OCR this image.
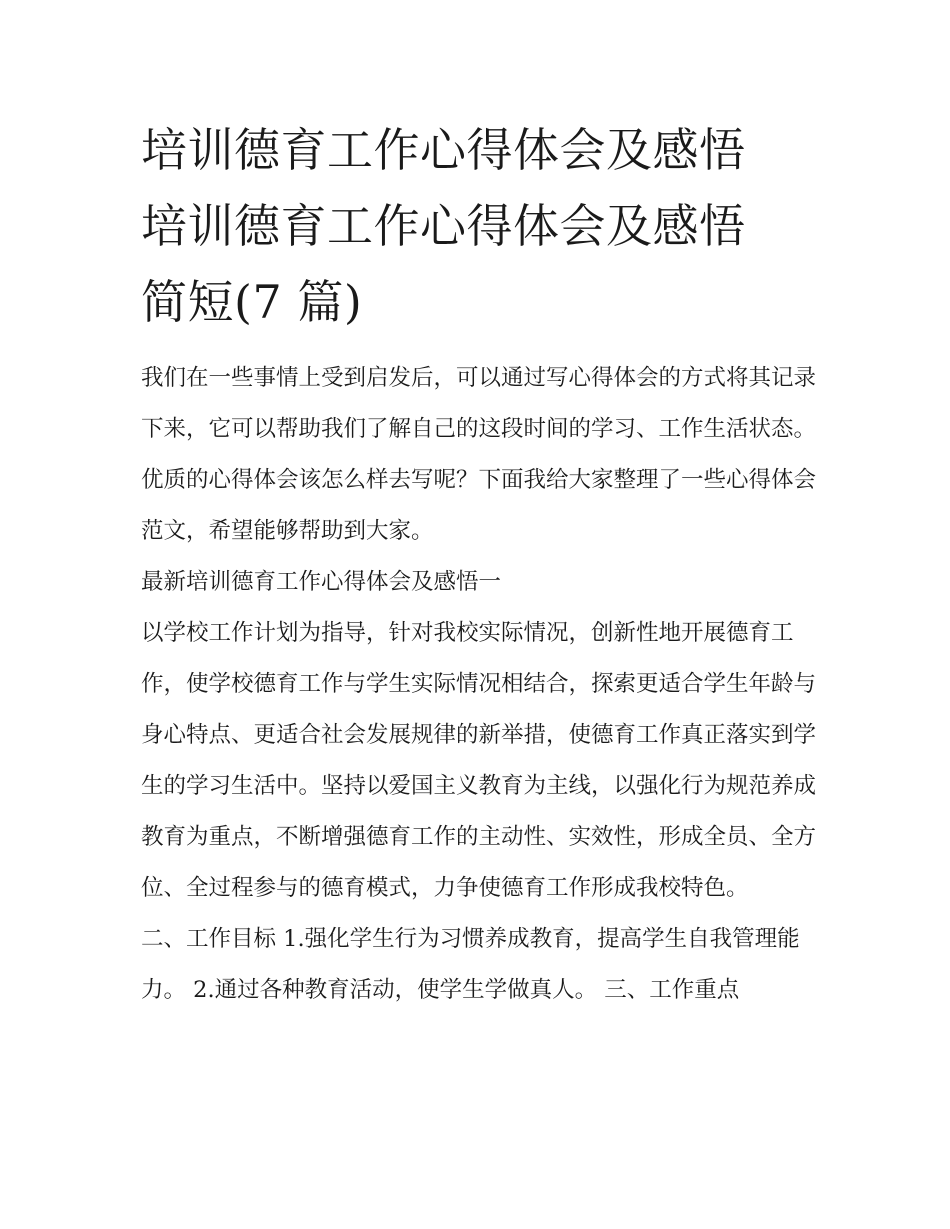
培训德育工作心得体会及感悟
培训德育工作心得体会及感悟
简短(7 篇)

我们在一些事情上受到启发后，可以通过写心得体会的方式将其记录下来，它可以帮助我们了解自己的这段时间的学习、工作生活状态。优质的心得体会该怎么样去写呢？下面我给大家整理了一些心得体会范文，希望能够帮助到大家。

最新培训德育工作心得体会及感悟一

以学校工作计划为指导，针对我校实际情况，创新性地开展德育工作，使学校德育工作与学生实际情况相结合，探索更适合学生年龄与身心特点、更适合社会发展规律的新举措，使德育工作真正落实到学生的学习生活中。坚持以爱国主义教育为主线，以强化行为规范养成教育为重点，不断增强德育工作的主动性、实效性，形成全员、全方位、全过程参与的德育模式，力争使德育工作形成我校特色。

二、工作目标 1.强化学生行为习惯养成教育，提高学生自我管理能力。 2.通过各种教育活动，使学生学做真人。 三、工作重点
